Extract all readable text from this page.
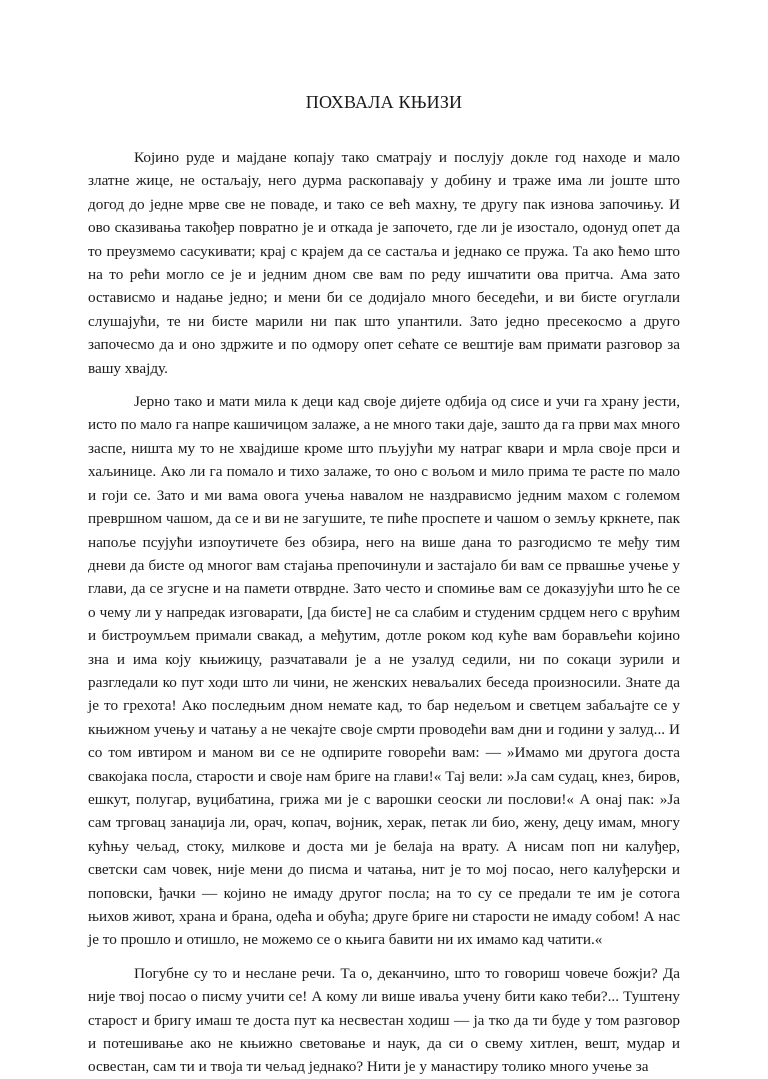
ПОХВАЛА КЊИЗИ

Којино руде и мајдане копају тако сматрају и послују докле год находе и мало златне жице, не остаљају, него дурма раскопавају у добину и траже има ли јоште што догод до једне мрве све не поваде, и тако се већ махну, те другу пак изнова започињу. И ово сказивања такођер повратно је и откада је започето, где ли је изостало, одонуд опет да то преузмемо сасукивати; крај с крајем да се састаља и једнако се пружа. Та ако ћемо што на то рећи могло се је и једним дном све вам по реду ишчатити ова притча. Ама зато остависмо и надање једно; и мени би се додијало много беседећи, и ви бисте огуглали слушајући, те ни бисте марили ни пак што упантили. Зато једно пресекосмо а друго започесмо да и оно здржите и по одмору опет сећате се вештије вам примати разговор за вашу хвајду.

Јерно тако и мати мила к деци кад своје дијете одбија од сисе и учи га храну јести, исто по мало га напре кашичицом залаже, а не много таки даје, зашто да га први мах много заспе, ништа му то не хвајдише кроме што пљујући му натраг квари и мрла своје прси и хаљинице. Ако ли га помало и тихо залаже, то оно с вољом и мило прима те расте по мало и гоји се. Зато и ми вама овога учења навалом не наздрависмо једним махом с големом превршном чашом, да се и ви не загушите, те пиће проспете и чашом о земљу кркнете, пак напоље псујући изпоутичете без обзира, него на више дана то разгодисмо те међу тим дневи да бисте од многог вам стајања препочинули и застајало би вам се првашње учење у глави, да се згусне и на памети отврдне. Зато често и спомиње вам се доказујући што ће се о чему ли у напредак изговарати, [да бисте] не са слабим и студеним срдцем него с врућим и бистроумљем примали свакад, а међутим, дотле роком код куће вам борављећи којино зна и има коју књижицу, разчатавали је а не узалуд седили, ни по сокаци зурили и разгледали ко пут ходи што ли чини, не женских неваљалих беседа произносили. Знате да је то грехота! Ако последњим дном немате кад, то бар недељом и светцем забаљајте се у књижном учењу и чатању а не чекајте своје смрти проводећи вам дни и години у залуд... И со том ивтиром и маном ви се не одпирите говорећи вам: — »Имамо ми другога доста свакојака посла, старости и своје нам бриге на глави!« Тај вели: »Ја сам судац, кнез, биров, ешкут, полугар, вуцибатина, грижа ми је с варошки сеоски ли послови!« А онај пак: »Ја сам трговац занаџија ли, орач, копач, војник, херак, петак ли био, жену, децу имам, многу кућњу чељад, стоку, милкове и доста ми је белаја на врату. А нисам поп ни калуђер, светски сам човек, није мени до писма и чатања, нит је то мој посао, него калуђерски и поповски, ђачки — којино не имаду другог посла; на то су се предали те им је сотога њихов живот, храна и брана, одећа и обућа; друге бриге ни старости не имаду собом! А нас је то прошло и отишло, не можемо се о књига бавити ни их имамо кад чатити.«

Погубне су то и неслане речи. Та о, деканчино, што то говориш човече божји? Да није твој посао о писму учити се! А кому ли више иваља учену бити како теби?... Туштену старост и бригу имаш те доста пут ка несвестан ходиш — ја тко да ти буде у том разговор и потешивање ако не књижно световање и наук, да си о свему хитлен, вешт, мудар и освестан, сам ти и твоја ти чељад једнако? Нити је у манастиру толико много учење за
